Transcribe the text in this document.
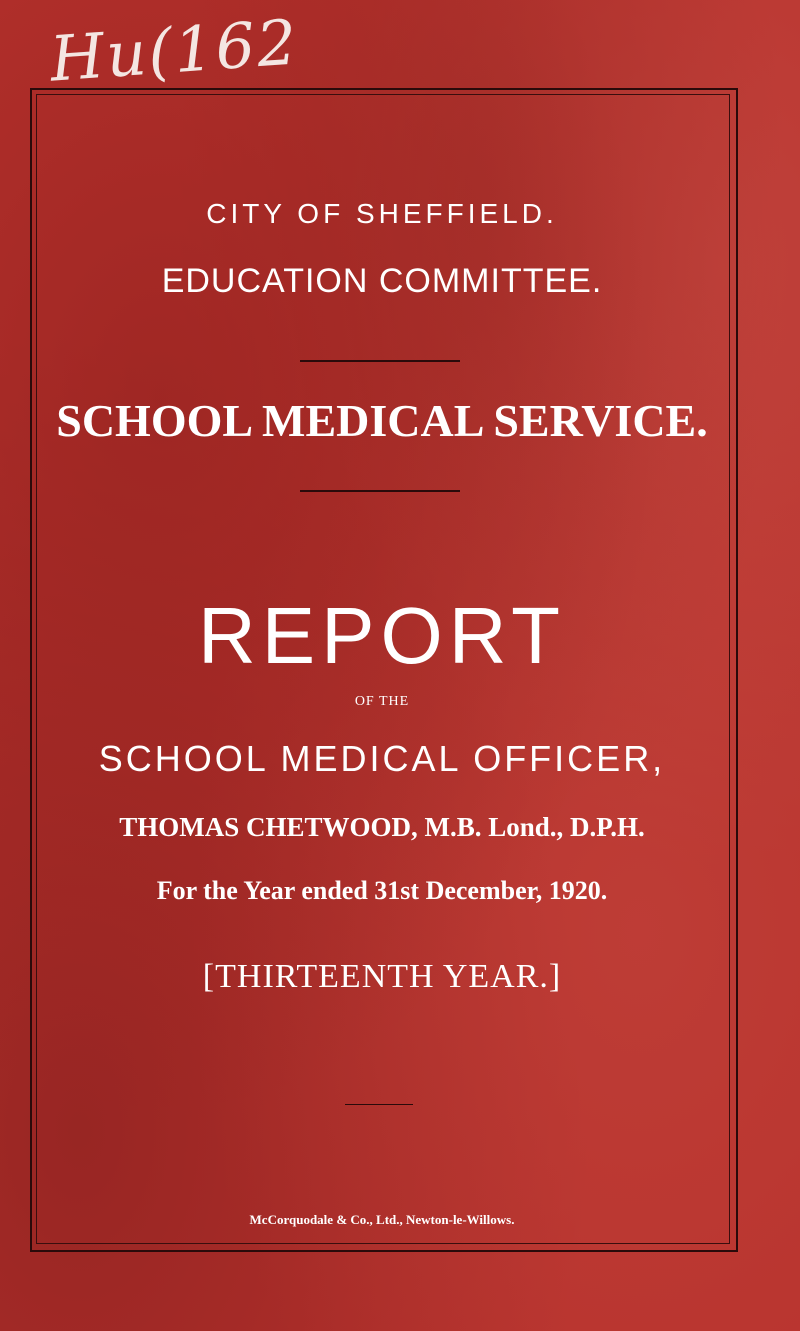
Hu(162
CITY OF SHEFFIELD.
EDUCATION COMMITTEE.
SCHOOL MEDICAL SERVICE.
REPORT
OF THE
SCHOOL MEDICAL OFFICER,
THOMAS CHETWOOD, M.B. Lond., D.P.H.
For the Year ended 31st December, 1920.
[THIRTEENTH YEAR.]
McCorquodale & Co., Ltd., Newton-le-Willows.
